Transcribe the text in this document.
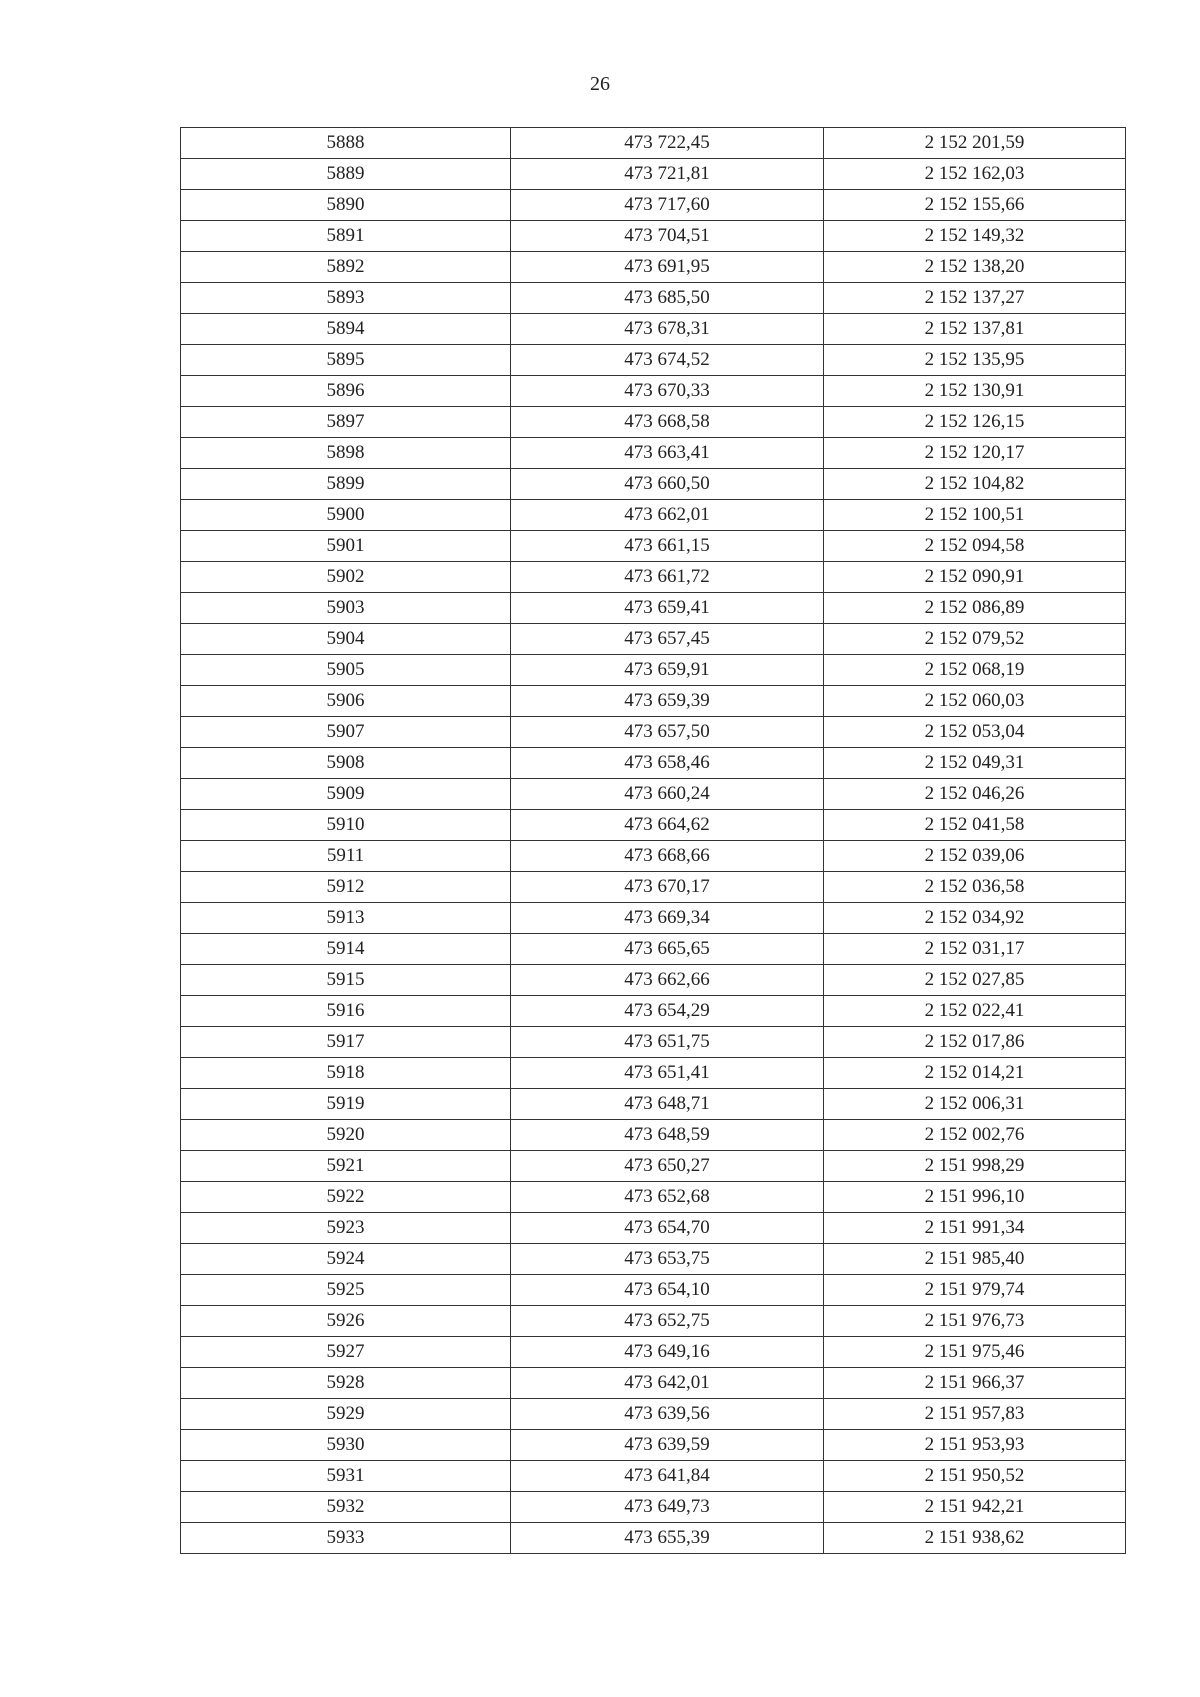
26
5888	473 722,45	2 152 201,59
5889	473 721,81	2 152 162,03
5890	473 717,60	2 152 155,66
5891	473 704,51	2 152 149,32
5892	473 691,95	2 152 138,20
5893	473 685,50	2 152 137,27
5894	473 678,31	2 152 137,81
5895	473 674,52	2 152 135,95
5896	473 670,33	2 152 130,91
5897	473 668,58	2 152 126,15
5898	473 663,41	2 152 120,17
5899	473 660,50	2 152 104,82
5900	473 662,01	2 152 100,51
5901	473 661,15	2 152 094,58
5902	473 661,72	2 152 090,91
5903	473 659,41	2 152 086,89
5904	473 657,45	2 152 079,52
5905	473 659,91	2 152 068,19
5906	473 659,39	2 152 060,03
5907	473 657,50	2 152 053,04
5908	473 658,46	2 152 049,31
5909	473 660,24	2 152 046,26
5910	473 664,62	2 152 041,58
5911	473 668,66	2 152 039,06
5912	473 670,17	2 152 036,58
5913	473 669,34	2 152 034,92
5914	473 665,65	2 152 031,17
5915	473 662,66	2 152 027,85
5916	473 654,29	2 152 022,41
5917	473 651,75	2 152 017,86
5918	473 651,41	2 152 014,21
5919	473 648,71	2 152 006,31
5920	473 648,59	2 152 002,76
5921	473 650,27	2 151 998,29
5922	473 652,68	2 151 996,10
5923	473 654,70	2 151 991,34
5924	473 653,75	2 151 985,40
5925	473 654,10	2 151 979,74
5926	473 652,75	2 151 976,73
5927	473 649,16	2 151 975,46
5928	473 642,01	2 151 966,37
5929	473 639,56	2 151 957,83
5930	473 639,59	2 151 953,93
5931	473 641,84	2 151 950,52
5932	473 649,73	2 151 942,21
5933	473 655,39	2 151 938,62
